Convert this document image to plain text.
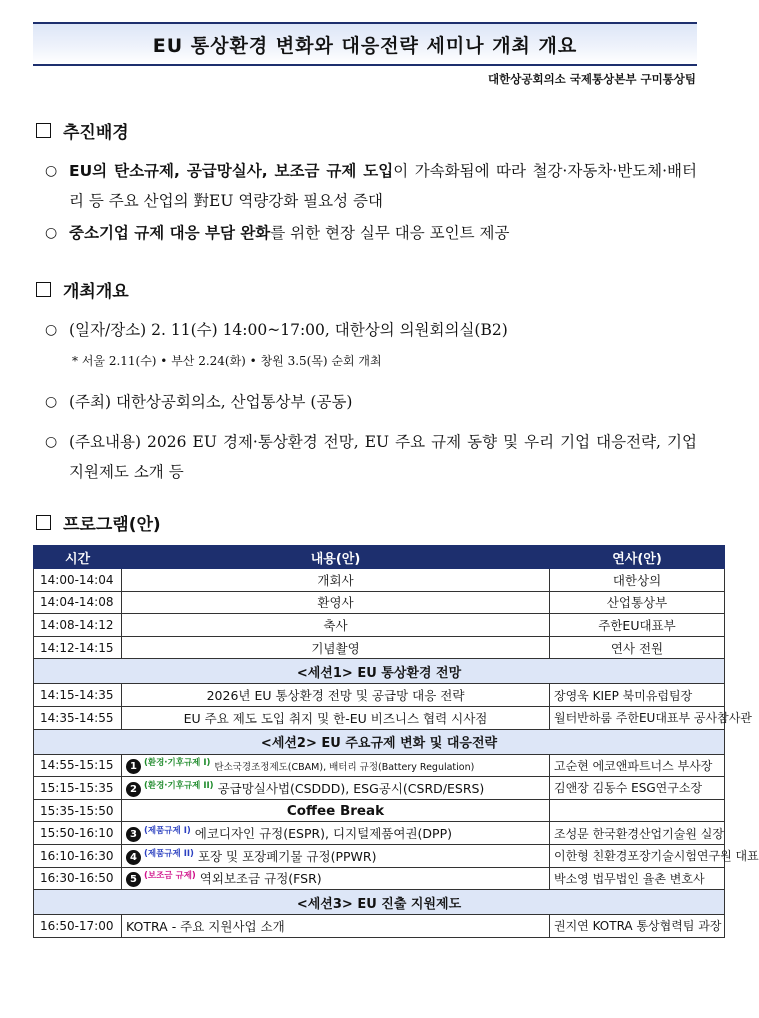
EU 통상환경 변화와 대응전략 세미나 개최 개요
대한상공회의소 국제통상본부 구미통상팀
추진배경
○ EU의 탄소규제, 공급망실사, 보조금 규제 도입이 가속화됨에 따라 철강·자동차·반도체·배터리 등 주요 산업의 對EU 역량강화 필요성 증대
○ 중소기업 규제 대응 부담 완화를 위한 현장 실무 대응 포인트 제공
개최개요
○ (일자/장소) 2. 11(수) 14:00~17:00, 대한상의 의원회의실(B2)
* 서울 2.11(수) • 부산 2.24(화) • 창원 3.5(목) 순회 개최
○ (주최) 대한상공회의소, 산업통상부 (공동)
○ (주요내용) 2026 EU 경제·통상환경 전망, EU 주요 규제 동향 및 우리 기업 대응전략, 기업 지원제도 소개 등
프로그램(안)
시간	내용(안)	연사(안)
14:00-14:04	개회사	대한상의
14:04-14:08	환영사	산업통상부
14:08-14:12	축사	주한EU대표부
14:12-14:15	기념촬영	연사 전원
<세션1> EU 통상환경 전망		
14:15-14:35	2026년 EU 통상환경 전망 및 공급망 대응 전략	장영욱 KIEP 북미유럽팀장
14:35-14:55	EU 주요 제도 도입 취지 및 한-EU 비즈니스 협력 시사점	월터반하룸 주한EU대표부 공사참사관
<세션2> EU 주요규제 변화 및 대응전략		
14:55-15:15	1 $^{(환경\cdot 기후규제 I)}$ 탄소국경조정제도(CBAM), 배터리 규정(Battery Regulation)	고순현 에코앤파트너스 부사장
15:15-15:35	2 $^{(환경\cdot 기후규제 II)}$ 공급망실사법(CSDDD), ESG공시(CSRD/ESRS)	김앤장 김동수 ESG연구소장
15:35-15:50	Coffee Break	
15:50-16:10	3 $^{(제품규제 I)}$ 에코디자인 규정(ESPR), 디지털제품여권(DPP)	조성문 한국환경산업기술원 실장
16:10-16:30	4 $^{(제품규제 II)}$ 포장 및 포장폐기물 규정(PPWR)	이한형 친환경포장기술시험연구원 대표
16:30-16:50	5 $^{(보조금 규제)}$ 역외보조금 규정(FSR)	박소영 법무법인 율촌 변호사
<세션3> EU 진출 지원제도		
16:50-17:00	KOTRA - 주요 지원사업 소개	권지연 KOTRA 통상협력팀 과장
